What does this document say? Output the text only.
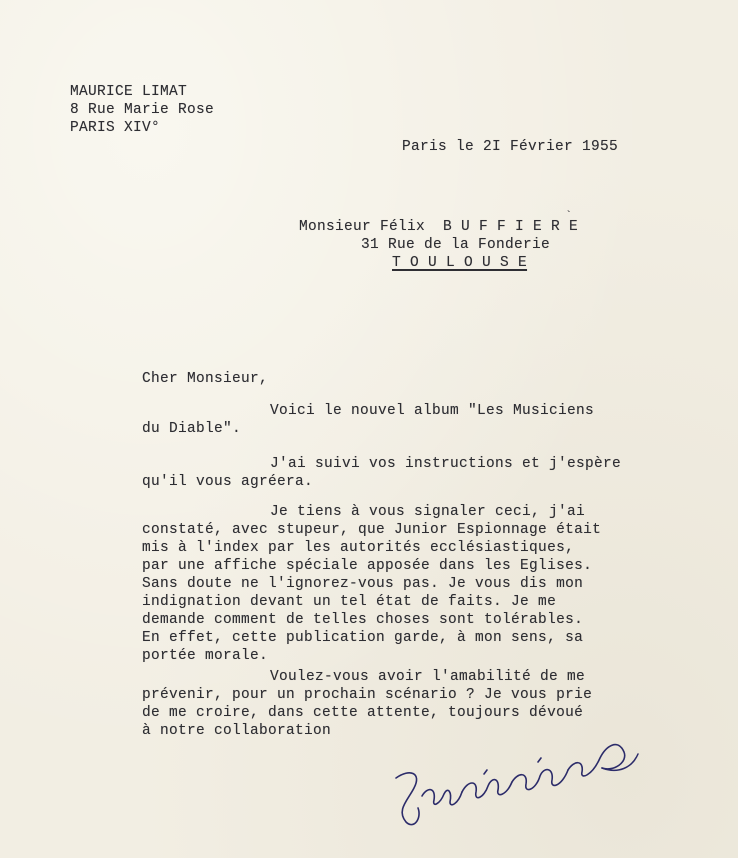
MAURICE LIMAT
8 Rue Marie Rose
PARIS XIV°
Paris le 2I Février 1955
`
Monsieur Félix  B U F F I E R E
31 Rue de la Fonderie
T O U L O U S E
Cher Monsieur,
Voici le nouvel album "Les Musiciens
du Diable".
J'ai suivi vos instructions et j'espère
qu'il vous agréera.
Je tiens à vous signaler ceci, j'ai
constaté, avec stupeur, que Junior Espionnage était
mis à l'index par les autorités ecclésiastiques,
par une affiche spéciale apposée dans les Eglises.
Sans doute ne l'ignorez-vous pas. Je vous dis mon
indignation devant un tel état de faits. Je me
demande comment de telles choses sont tolérables.
En effet, cette publication garde, à mon sens, sa
portée morale.
Voulez-vous avoir l'amabilité de me
prévenir, pour un prochain scénario ? Je vous prie
de me croire, dans cette attente, toujours dévoué
à notre collaboration
